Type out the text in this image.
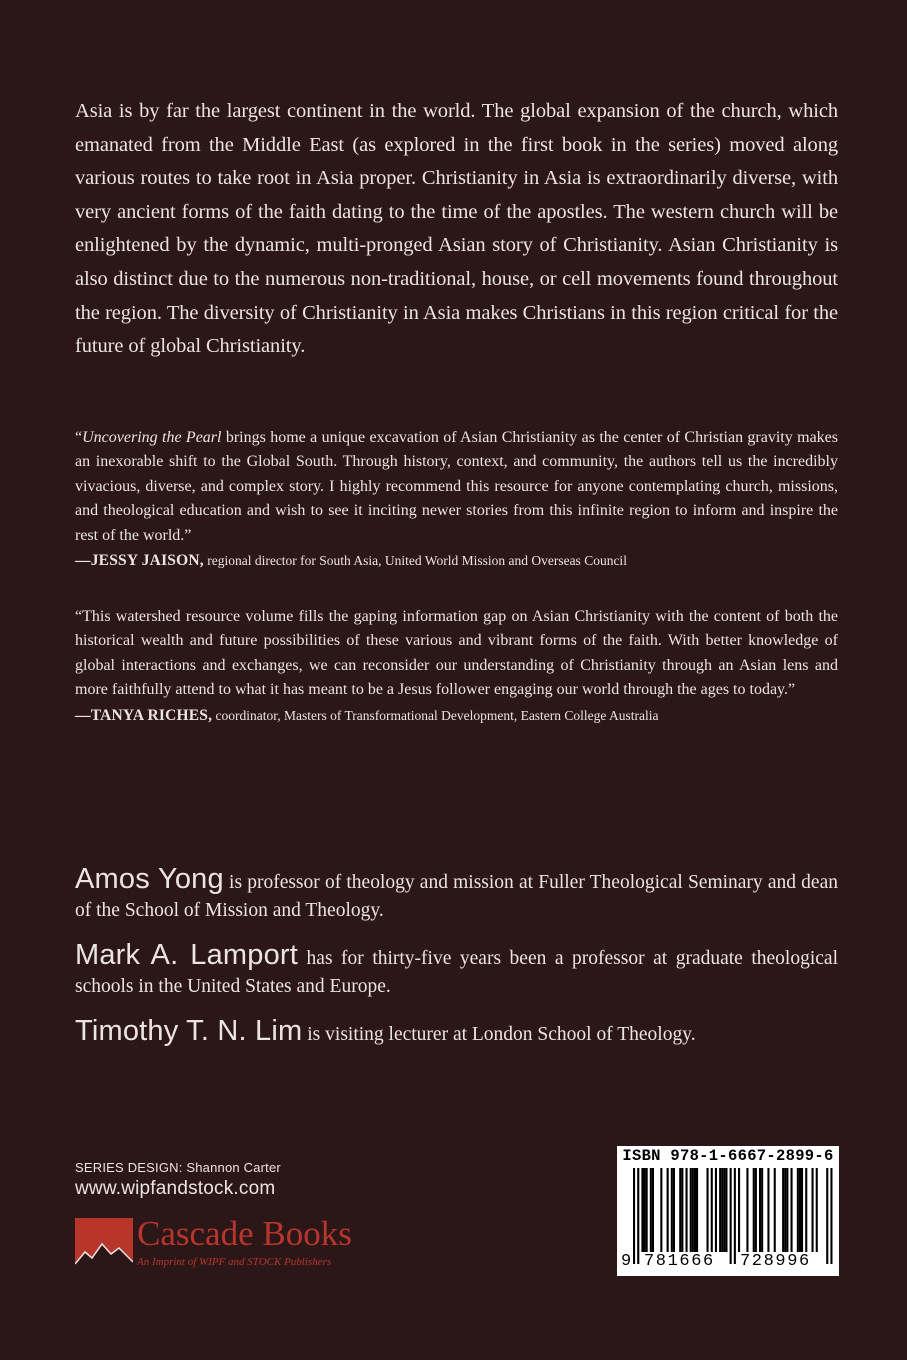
Asia is by far the largest continent in the world. The global expansion of the church, which emanated from the Middle East (as explored in the first book in the series) moved along various routes to take root in Asia proper. Christianity in Asia is extraordinarily diverse, with very ancient forms of the faith dating to the time of the apostles. The western church will be enlightened by the dynamic, multi-pronged Asian story of Christianity. Asian Christianity is also distinct due to the numerous non-traditional, house, or cell movements found throughout the region. The diversity of Christianity in Asia makes Christians in this region critical for the future of global Christianity.

“Uncovering the Pearl brings home a unique excavation of Asian Christianity as the center of Christian gravity makes an inexorable shift to the Global South. Through history, context, and community, the authors tell us the incredibly vivacious, diverse, and complex story. I highly recommend this resource for anyone contemplating church, missions, and theological education and wish to see it inciting newer stories from this infinite region to inform and inspire the rest of the world.”
—JESSY JAISON, regional director for South Asia, United World Mission and Overseas Council

“This watershed resource volume fills the gaping information gap on Asian Christianity with the content of both the historical wealth and future possibilities of these various and vibrant forms of the faith. With better knowledge of global interactions and exchanges, we can reconsider our understanding of Christianity through an Asian lens and more faithfully attend to what it has meant to be a Jesus follower engaging our world through the ages to today.”
—TANYA RICHES, coordinator, Masters of Transformational Development, Eastern College Australia

Amos Yong is professor of theology and mission at Fuller Theological Seminary and dean of the School of Mission and Theology.

Mark A. Lamport has for thirty-five years been a professor at graduate theological schools in the United States and Europe.

Timothy T. N. Lim is visiting lecturer at London School of Theology.

SERIES DESIGN: Shannon Carter
www.wipfandstock.com
Cascade Books
An Imprint of WIPF and STOCK Publishers
ISBN 978-1-6667-2899-6
9 781666 728996
